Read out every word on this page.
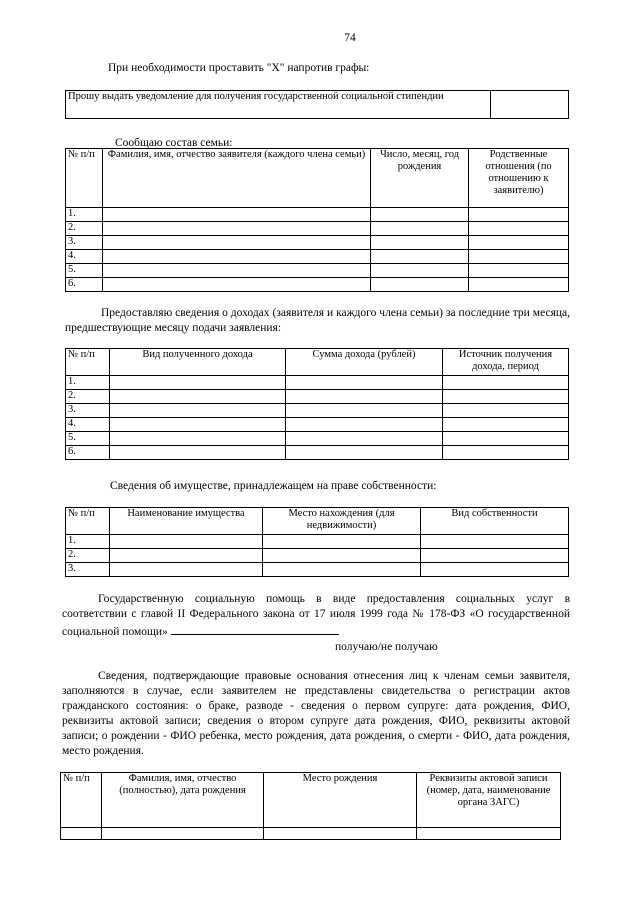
74
При необходимости проставить "Х" напротив графы:
Прошу выдать уведомление для получения государственной социальной стипендии	
Сообщаю состав семьи:
№ п/п	Фамилия, имя, отчество заявителя (каждого члена семьи)	Число, месяц, год рождения	Родственные отношения (по отношению к заявителю)
1.			
2.			
3.			
4.			
5.			
6.			
Предоставляю сведения о доходах (заявителя и каждого члена семьи) за последние три месяца, предшествующие месяцу подачи заявления:
№ п/п	Вид полученного дохода	Сумма дохода (рублей)	Источник получения дохода, период
1.			
2.			
3.			
4.			
5.			
6.			
Сведения об имуществе, принадлежащем на праве собственности:
№ п/п	Наименование имущества	Место нахождения (для недвижимости)	Вид собственности
1.			
2.			
3.			
Государственную социальную помощь в виде предоставления социальных услуг в соответствии с главой II Федерального закона от 17 июля 1999 года № 178-ФЗ «О государственной социальной помощи»
получаю/не получаю
Сведения, подтверждающие правовые основания отнесения лиц к членам семьи заявителя, заполняются в случае, если заявителем не представлены свидетельства о регистрации актов гражданского состояния: о браке, разводе - сведения о первом супруге: дата рождения, ФИО, реквизиты актовой записи; сведения о втором супруге дата рождения, ФИО, реквизиты актовой записи; о рождении - ФИО ребенка, место рождения, дата рождения, о смерти - ФИО, дата рождения, место рождения.
№ п/п	Фамилия, имя, отчество (полностью), дата рождения	Место рождения	Реквизиты актовой записи (номер, дата, наименование органа ЗАГС)
